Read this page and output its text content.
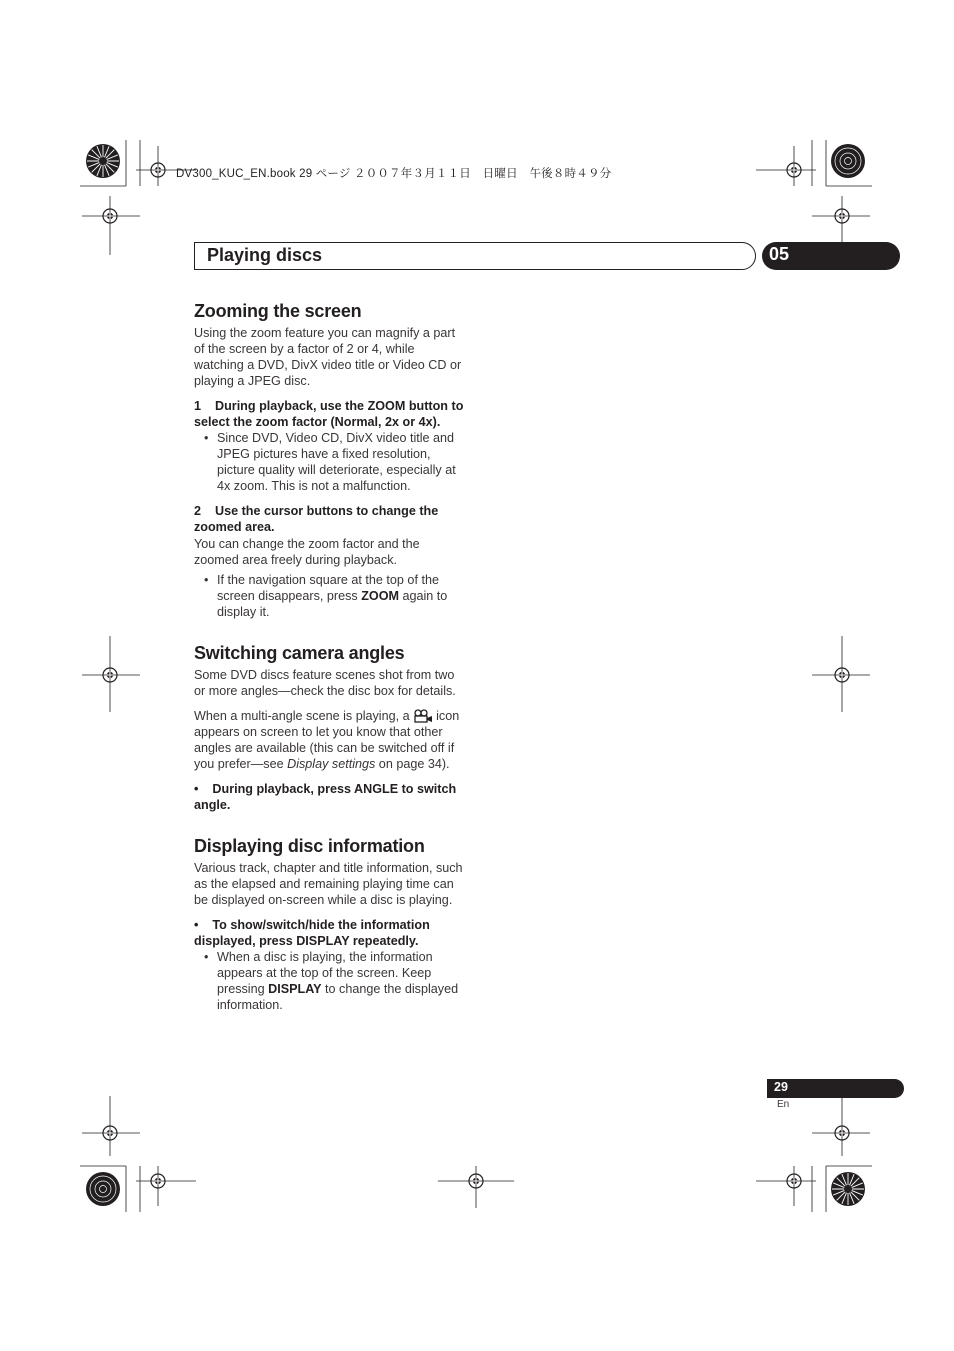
DV300_KUC_EN.book 29 ページ ２００７年３月１１日　日曜日　午後８時４９分
Playing discs	05
Zooming the screen

Using the zoom feature you can magnify a part of the screen by a factor of 2 or 4, while watching a DVD, DivX video title or Video CD or playing a JPEG disc.

1    During playback, use the ZOOM button to select the zoom factor (Normal, 2x or 4x).

• Since DVD, Video CD, DivX video title and JPEG pictures have a fixed resolution, picture quality will deteriorate, especially at 4x zoom. This is not a malfunction.

2    Use the cursor buttons to change the zoomed area.

You can change the zoom factor and the zoomed area freely during playback.

• If the navigation square at the top of the screen disappears, press ZOOM again to display it.

Switching camera angles

Some DVD discs feature scenes shot from two or more angles—check the disc box for details.

When a multi-angle scene is playing, a icon appears on screen to let you know that other angles are available (this can be switched off if you prefer—see Display settings on page 34).

•    During playback, press ANGLE to switch angle.

Displaying disc information

Various track, chapter and title information, such as the elapsed and remaining playing time can be displayed on-screen while a disc is playing.

•    To show/switch/hide the information displayed, press DISPLAY repeatedly.

• When a disc is playing, the information appears at the top of the screen. Keep pressing DISPLAY to change the displayed information.

29
En
